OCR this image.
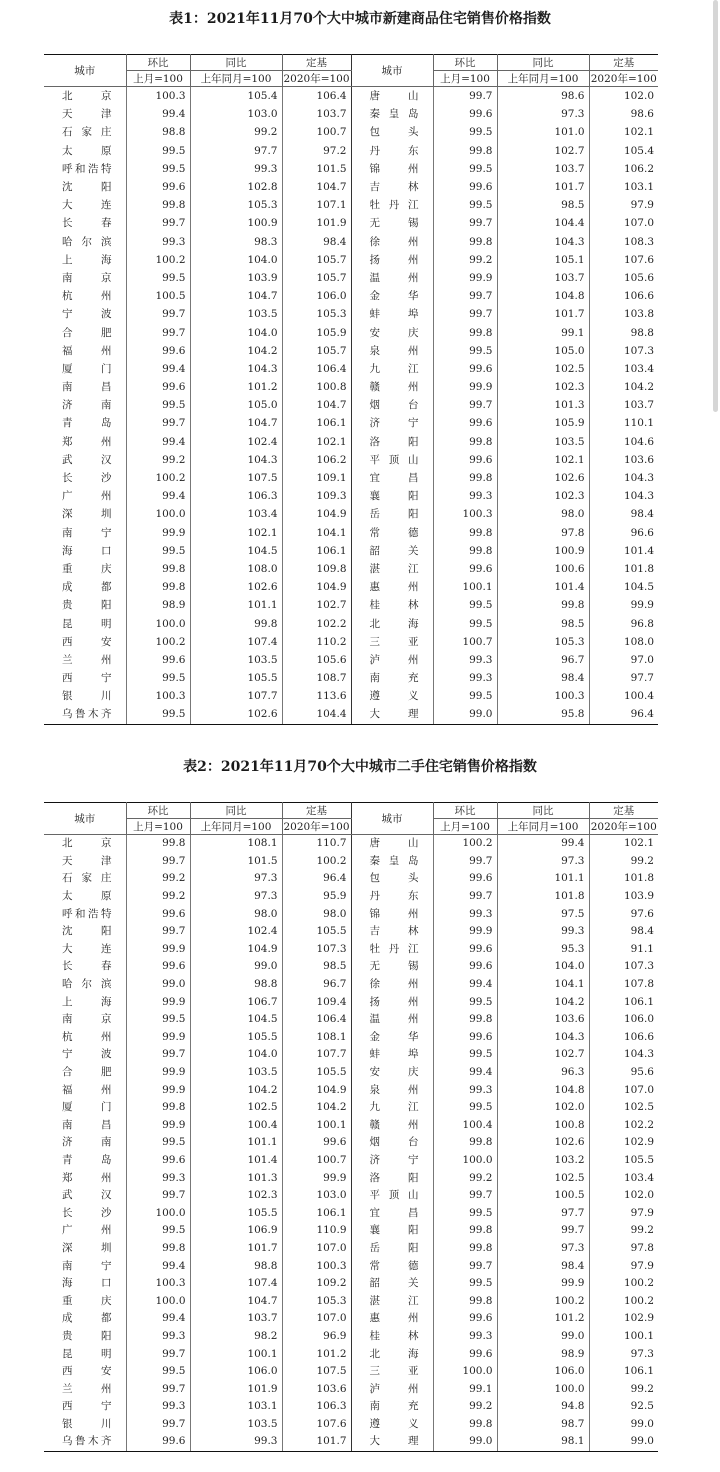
表1：2021年11月70个大中城市新建商品住宅销售价格指数
城市	环比	同比	定基	城市	环比	同比	定基
	上月=100	上年同月=100	2020年=100		上月=100	上年同月=100	2020年=100
北京	100.3	105.4	106.4	唐山	99.7	98.6	102.0
天津	99.4	103.0	103.7	秦皇岛	99.6	97.3	98.6
石家庄	98.8	99.2	100.7	包头	99.5	101.0	102.1
太原	99.5	97.7	97.2	丹东	99.8	102.7	105.4
呼和浩特	99.5	99.3	101.5	锦州	99.5	103.7	106.2
沈阳	99.6	102.8	104.7	吉林	99.6	101.7	103.1
大连	99.8	105.3	107.1	牡丹江	99.5	98.5	97.9
长春	99.7	100.9	101.9	无锡	99.7	104.4	107.0
哈尔滨	99.3	98.3	98.4	徐州	99.8	104.3	108.3
上海	100.2	104.0	105.7	扬州	99.2	105.1	107.6
南京	99.5	103.9	105.7	温州	99.9	103.7	105.6
杭州	100.5	104.7	106.0	金华	99.7	104.8	106.6
宁波	99.7	103.5	105.3	蚌埠	99.7	101.7	103.8
合肥	99.7	104.0	105.9	安庆	99.8	99.1	98.8
福州	99.6	104.2	105.7	泉州	99.5	105.0	107.3
厦门	99.4	104.3	106.4	九江	99.6	102.5	103.4
南昌	99.6	101.2	100.8	赣州	99.9	102.3	104.2
济南	99.5	105.0	104.7	烟台	99.7	101.3	103.7
青岛	99.7	104.7	106.1	济宁	99.6	105.9	110.1
郑州	99.4	102.4	102.1	洛阳	99.8	103.5	104.6
武汉	99.2	104.3	106.2	平顶山	99.6	102.1	103.6
长沙	100.2	107.5	109.1	宜昌	99.8	102.6	104.3
广州	99.4	106.3	109.3	襄阳	99.3	102.3	104.3
深圳	100.0	103.4	104.9	岳阳	100.3	98.0	98.4
南宁	99.9	102.1	104.1	常德	99.8	97.8	96.6
海口	99.5	104.5	106.1	韶关	99.8	100.9	101.4
重庆	99.8	108.0	109.8	湛江	99.6	100.6	101.8
成都	99.8	102.6	104.9	惠州	100.1	101.4	104.5
贵阳	98.9	101.1	102.7	桂林	99.5	99.8	99.9
昆明	100.0	99.8	102.2	北海	99.5	98.5	96.8
西安	100.2	107.4	110.2	三亚	100.7	105.3	108.0
兰州	99.6	103.5	105.6	泸州	99.3	96.7	97.0
西宁	99.5	105.5	108.7	南充	99.3	98.4	97.7
银川	100.3	107.7	113.6	遵义	99.5	100.3	100.4
乌鲁木齐	99.5	102.6	104.4	大理	99.0	95.8	96.4
表2：2021年11月70个大中城市二手住宅销售价格指数
城市	环比	同比	定基	城市	环比	同比	定基
	上月=100	上年同月=100	2020年=100		上月=100	上年同月=100	2020年=100
北京	99.8	108.1	110.7	唐山	100.2	99.4	102.1
天津	99.7	101.5	100.2	秦皇岛	99.7	97.3	99.2
石家庄	99.2	97.3	96.4	包头	99.6	101.1	101.8
太原	99.2	97.3	95.9	丹东	99.7	101.8	103.9
呼和浩特	99.6	98.0	98.0	锦州	99.3	97.5	97.6
沈阳	99.7	102.4	105.5	吉林	99.9	99.3	98.4
大连	99.9	104.9	107.3	牡丹江	99.6	95.3	91.1
长春	99.6	99.0	98.5	无锡	99.6	104.0	107.3
哈尔滨	99.0	98.8	96.7	徐州	99.4	104.1	107.8
上海	99.9	106.7	109.4	扬州	99.5	104.2	106.1
南京	99.5	104.5	106.4	温州	99.8	103.6	106.0
杭州	99.9	105.5	108.1	金华	99.6	104.3	106.6
宁波	99.7	104.0	107.7	蚌埠	99.5	102.7	104.3
合肥	99.9	103.5	105.5	安庆	99.4	96.3	95.6
福州	99.9	104.2	104.9	泉州	99.3	104.8	107.0
厦门	99.8	102.5	104.2	九江	99.5	102.0	102.5
南昌	99.9	100.4	100.1	赣州	100.4	100.8	102.2
济南	99.5	101.1	99.6	烟台	99.8	102.6	102.9
青岛	99.6	101.4	100.7	济宁	100.0	103.2	105.5
郑州	99.3	101.3	99.9	洛阳	99.2	102.5	103.4
武汉	99.7	102.3	103.0	平顶山	99.7	100.5	102.0
长沙	100.0	105.5	106.1	宜昌	99.5	97.7	97.9
广州	99.5	106.9	110.9	襄阳	99.8	99.7	99.2
深圳	99.8	101.7	107.0	岳阳	99.8	97.3	97.8
南宁	99.4	98.8	100.3	常德	99.7	98.4	97.9
海口	100.3	107.4	109.2	韶关	99.5	99.9	100.2
重庆	100.0	104.7	105.3	湛江	99.8	100.2	100.2
成都	99.4	103.7	107.0	惠州	99.6	101.2	102.9
贵阳	99.3	98.2	96.9	桂林	99.3	99.0	100.1
昆明	99.7	100.1	101.2	北海	99.6	98.9	97.3
西安	99.5	106.0	107.5	三亚	100.0	106.0	106.1
兰州	99.7	101.9	103.6	泸州	99.1	100.0	99.2
西宁	99.3	103.1	106.3	南充	99.2	94.8	92.5
银川	99.7	103.5	107.6	遵义	99.8	98.7	99.0
乌鲁木齐	99.6	99.3	101.7	大理	99.0	98.1	99.0
